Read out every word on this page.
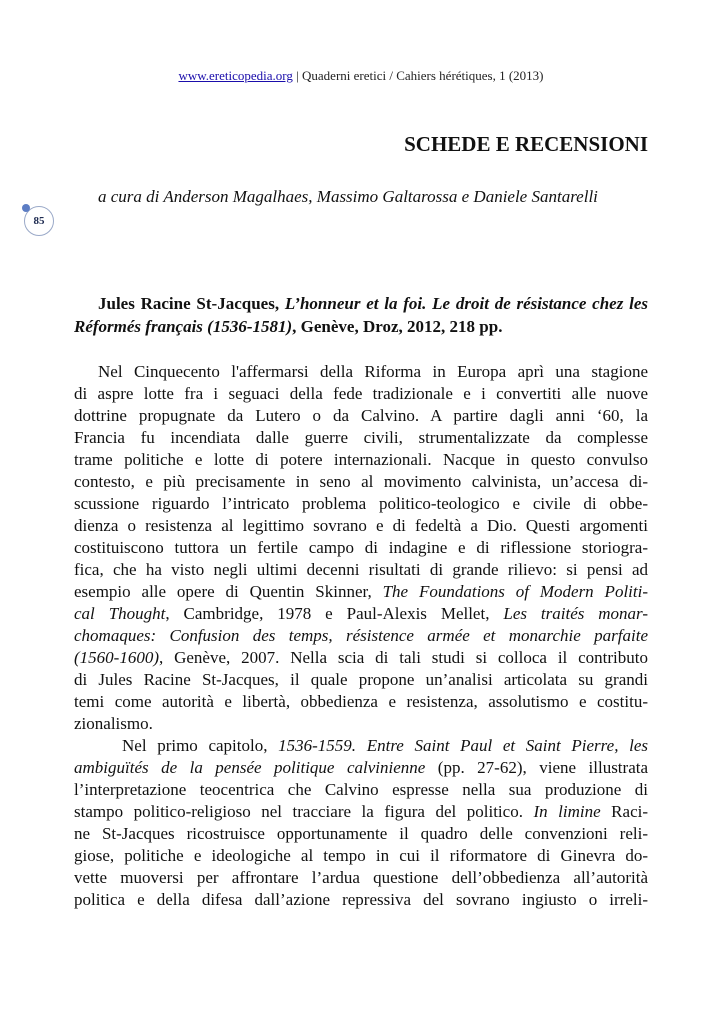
www.ereticopedia.org | Quaderni eretici / Cahiers hérétiques, 1 (2013)
SCHEDE E RECENSIONI

a cura di Anderson Magalhaes, Massimo Galtarossa e Daniele Santarelli

85

Jules Racine St-Jacques, L’honneur et la foi. Le droit de résistance chez les Réformés français (1536-1581), Genève, Droz, 2012, 218 pp.

Nel Cinquecento l'affermarsi della Riforma in Europa aprì una stagione
di aspre lotte fra i seguaci della fede tradizionale e i convertiti alle nuove
dottrine propugnate da Lutero o da Calvino. A partire dagli anni ‘60, la
Francia fu incendiata dalle guerre civili, strumentalizzate da complesse
trame politiche e lotte di potere internazionali. Nacque in questo convulso
contesto, e più precisamente in seno al movimento calvinista, un’accesa di-
scussione riguardo l’intricato problema politico-teologico e civile di obbe-
dienza o resistenza al legittimo sovrano e di fedeltà a Dio. Questi argomenti
costituiscono tuttora un fertile campo di indagine e di riflessione storiogra-
fica, che ha visto negli ultimi decenni risultati di grande rilievo: si pensi ad
esempio alle opere di Quentin Skinner, The Foundations of Modern Politi-
cal Thought, Cambridge, 1978 e Paul-Alexis Mellet, Les traités monar-
chomaques: Confusion des temps, résistence armée et monarchie parfaite
(1560-1600), Genève, 2007. Nella scia di tali studi si colloca il contributo
di Jules Racine St-Jacques, il quale propone un’analisi articolata su grandi
temi come autorità e libertà, obbedienza e resistenza, assolutismo e costitu-
zionalismo.
Nel primo capitolo, 1536-1559. Entre Saint Paul et Saint Pierre, les
ambiguïtés de la pensée politique calvinienne (pp. 27-62), viene illustrata
l’interpretazione teocentrica che Calvino espresse nella sua produzione di
stampo politico-religioso nel tracciare la figura del politico. In limine Raci-
ne St-Jacques ricostruisce opportunamente il quadro delle convenzioni reli-
giose, politiche e ideologiche al tempo in cui il riformatore di Ginevra do-
vette muoversi per affrontare l’ardua questione dell’obbedienza all’autorità
politica e della difesa dall’azione repressiva del sovrano ingiusto o irreli-
